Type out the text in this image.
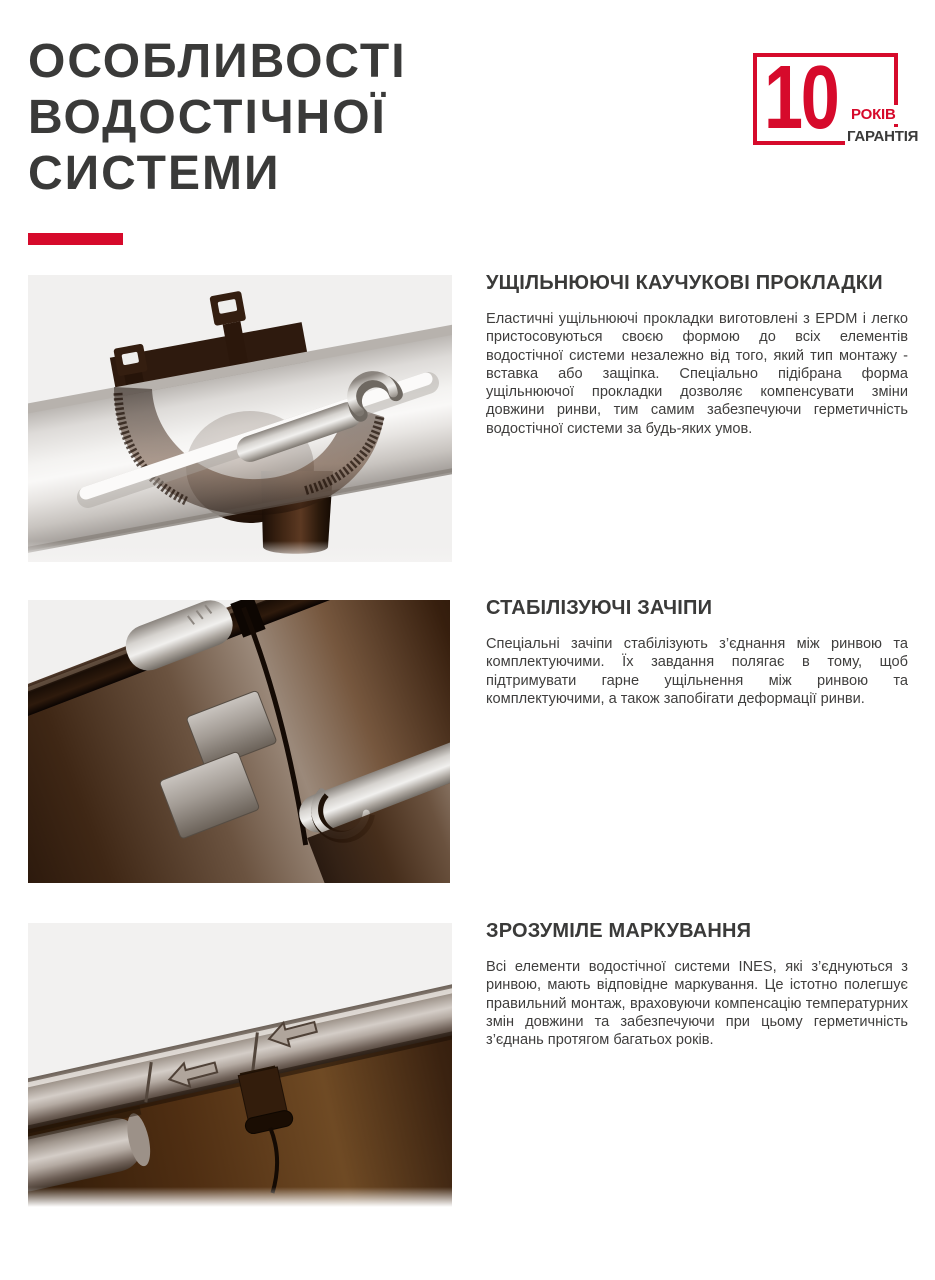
ОСОБЛИВОСТІ
ВОДОСТІЧНОЇ
СИСТЕМИ
10 РОКІВ
ГАРАНТІЯ
УЩІЛЬНЮЮЧІ КАУЧУКОВІ ПРОКЛАДКИ

Еластичні ущільнюючі прокладки виготовлені з EPDM і легко пристосовуються своєю формою до всіх елементів водостічної системи незалежно від того, який тип монтажу - вставка або защіпка. Спеціально підібрана форма ущільнюючої прокладки дозволяє компенсувати зміни довжини ринви, тим самим забезпечуючи герметичність водостічної системи за будь-яких умов.

СТАБІЛІЗУЮЧІ ЗАЧІПИ

Спеціальні зачіпи стабілізують з’єднання між ринвою та комплектуючими. Їх завдання полягає в тому, щоб підтримувати гарне ущільнення між ринвою та комплектуючими, а також запобігати деформації ринви.

ЗРОЗУМІЛЕ МАРКУВАННЯ

Всі елементи водостічної системи INES, які з’єднуються з ринвою, мають відповідне маркування. Це істотно полегшує правильний монтаж, враховуючи компенсацію температурних змін довжини та забезпечуючи при цьому герметичність з’єднань протягом багатьох років.
